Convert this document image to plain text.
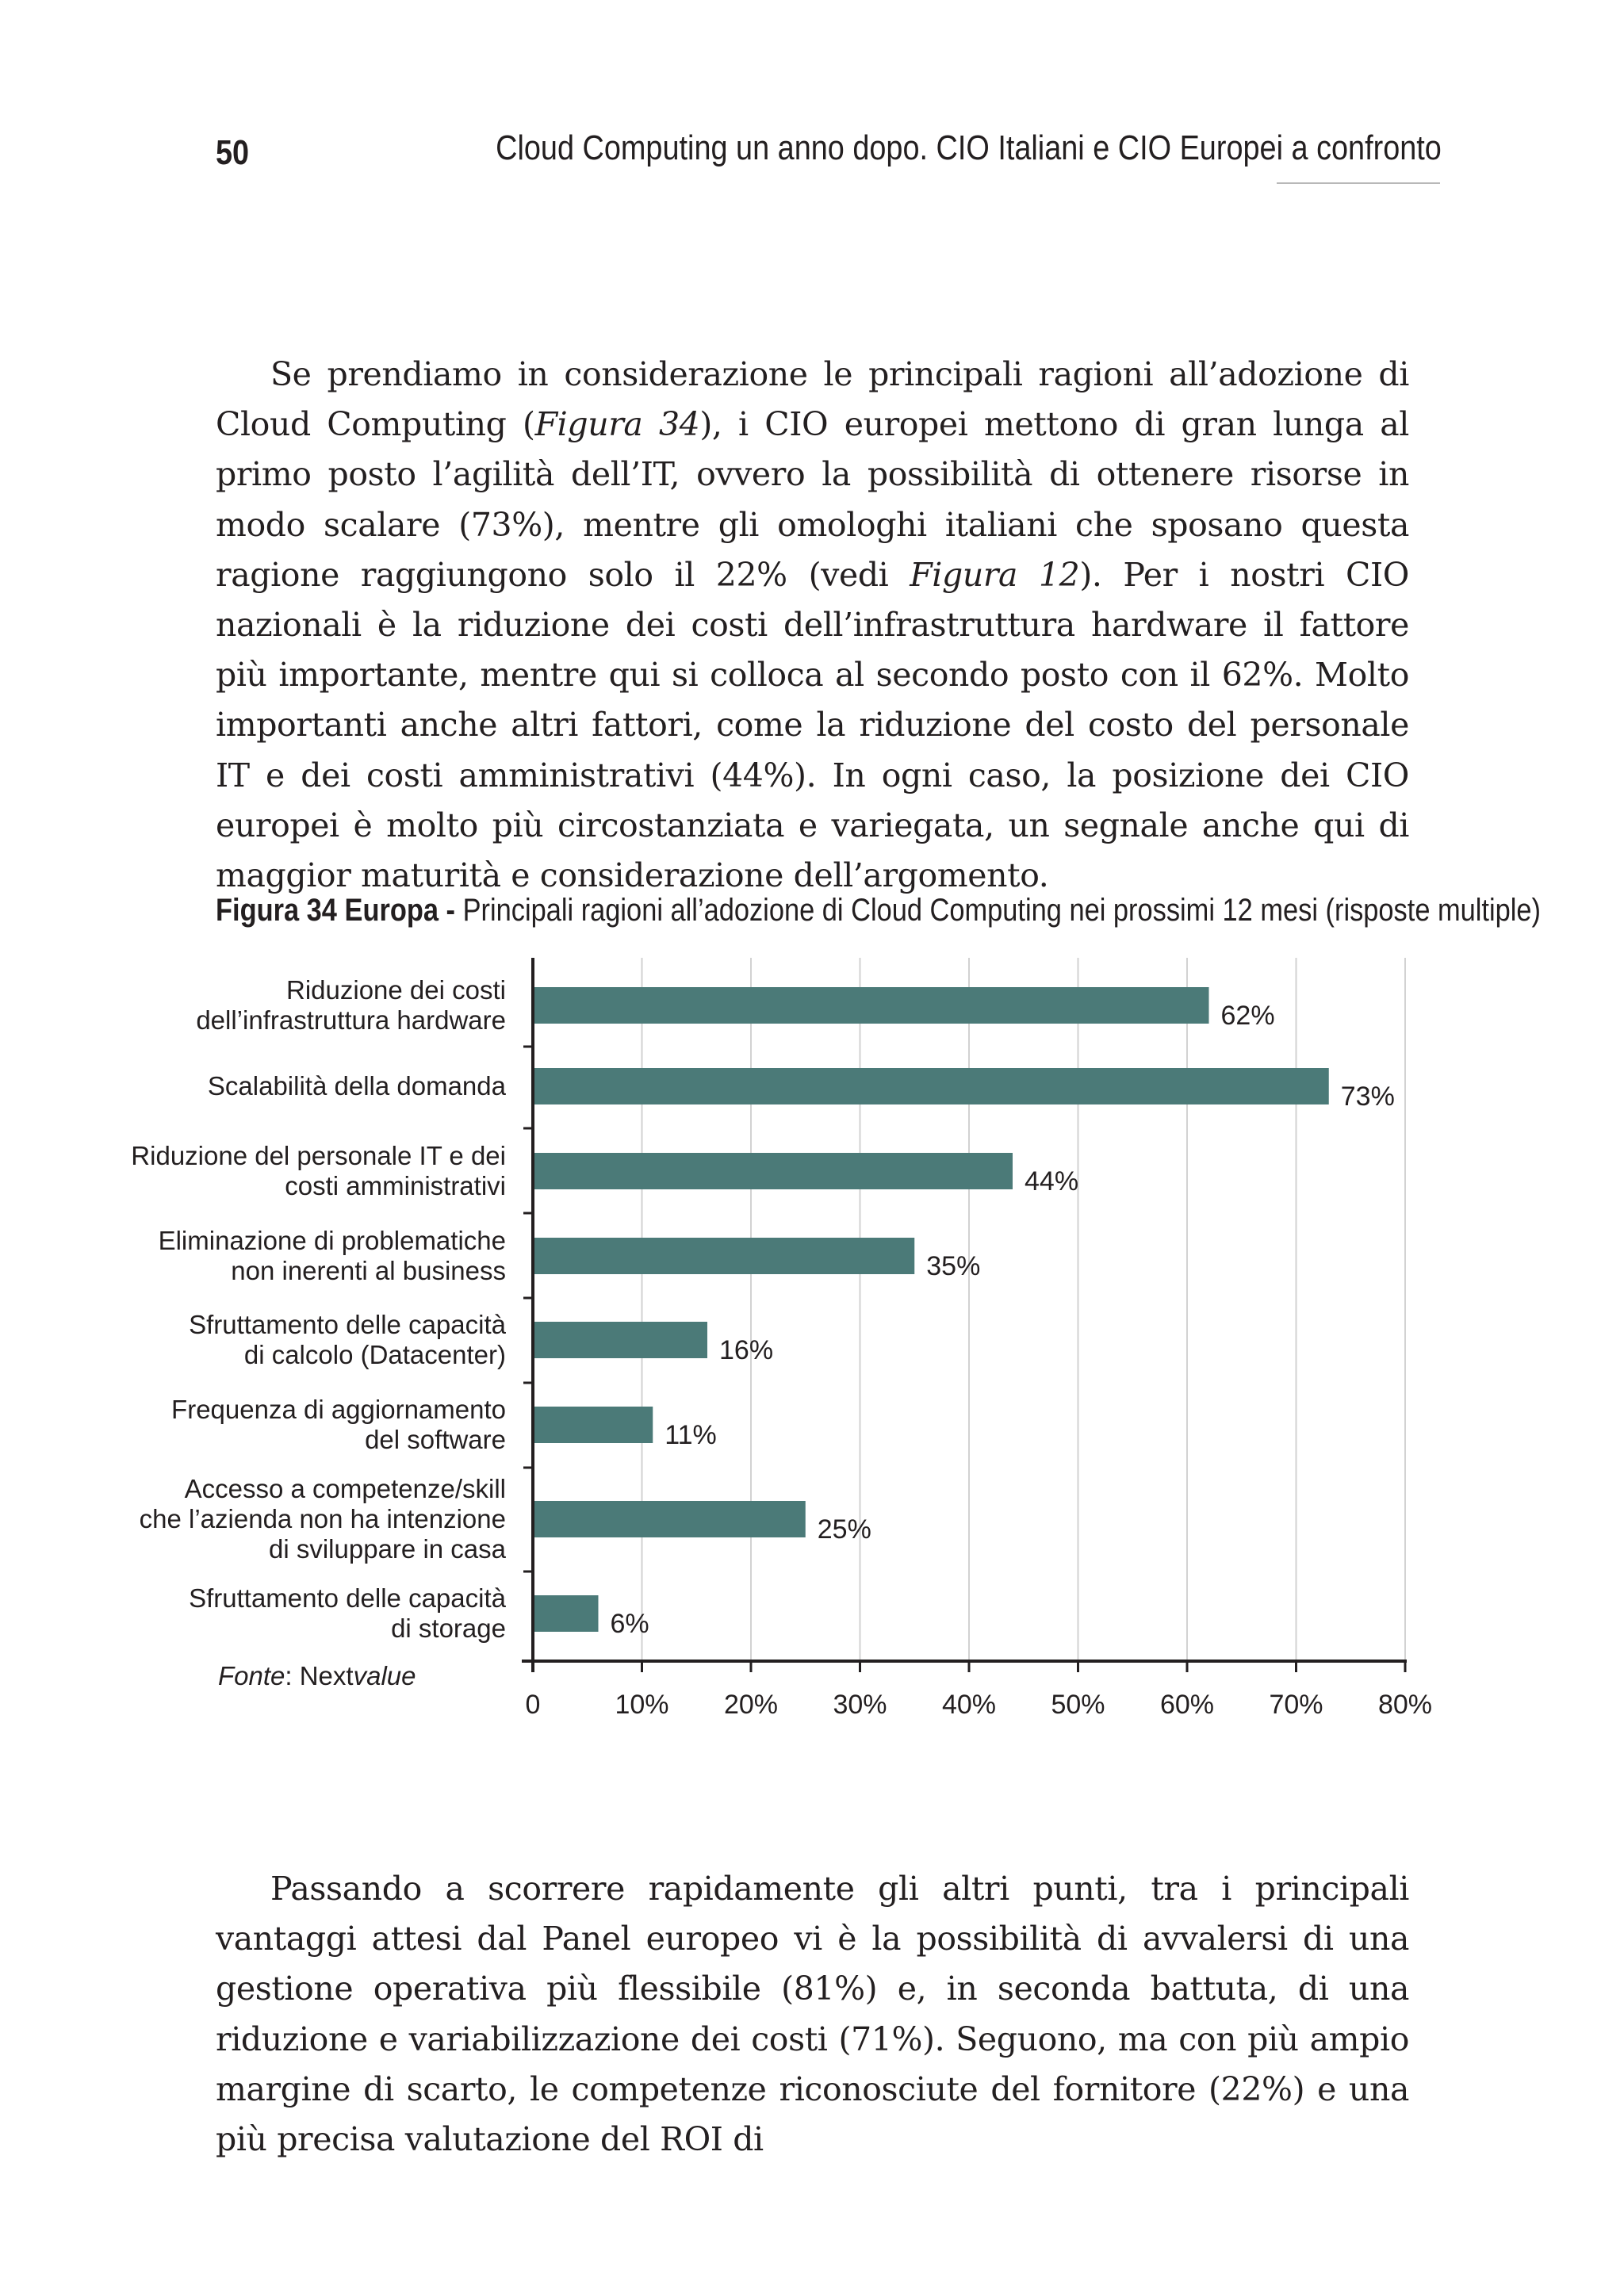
50	Cloud Computing un anno dopo. CIO Italiani e CIO Europei a confronto

Se prendiamo in considerazione le principali ragioni all’adozione di Cloud Computing (Figura 34), i CIO europei mettono di gran lunga al primo posto l’agilità dell’IT, ovvero la possibilità di ottenere risorse in modo scalare (73%), mentre gli omologhi italiani che sposano questa ragione raggiungono solo il 22% (vedi Figura 12). Per i nostri CIO nazionali è la riduzione dei costi dell’infrastruttura hardware il fattore più importante, mentre qui si colloca al secondo posto con il 62%. Molto importanti anche altri fattori, come la riduzione del costo del personale IT e dei costi amministrativi (44%). In ogni caso, la posizione dei CIO europei è molto più circostanziata e variegata, un segnale anche qui di maggior maturità e considerazione dell’argomento.

Figura 34 Europa - Principali ragioni all’adozione di Cloud Computing nei prossimi 12 mesi (risposte multiple)
62%
Riduzione dei costi
dell’infrastruttura hardware
73%
Scalabilità della domanda
44%
Riduzione del personale IT e dei
costi amministrativi
35%
Eliminazione di problematiche
non inerenti al business
16%
Sfruttamento delle capacità
di calcolo (Datacenter)
11%
Frequenza di aggiornamento
del software
25%
Accesso a competenze/skill
che l’azienda non ha intenzione
di sviluppare in casa
6%
Sfruttamento delle capacità
di storage
0	10% 20% 30% 40% 50% 60% 70% 80%
Fonte: Nextvalue

Passando a scorrere rapidamente gli altri punti, tra i principali vantaggi attesi dal Panel europeo vi è la possibilità di avvalersi di una gestione operativa più flessibile (81%) e, in seconda battuta, di una riduzione e variabilizzazione dei costi (71%). Seguono, ma con più ampio margine di scarto, le competenze riconosciute del fornitore (22%) e una più precisa valutazione del ROI di
